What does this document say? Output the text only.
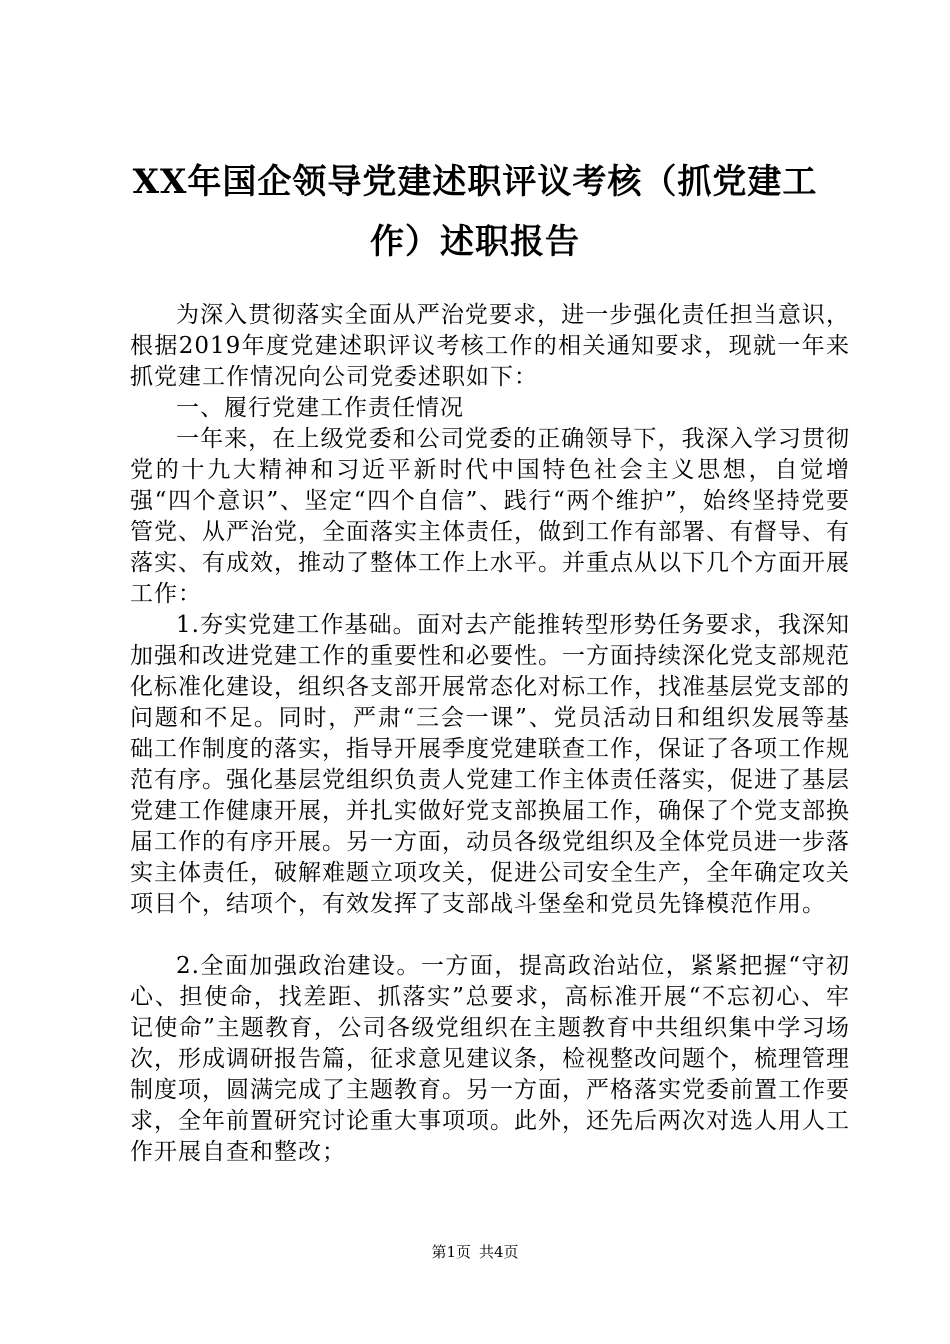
XX年国企领导党建述职评议考核（抓党建工
作）述职报告

为深入贯彻落实全面从严治党要求，进一步强化责任担当意识，根据2019年度党建述职评议考核工作的相关通知要求，现就一年来抓党建工作情况向公司党委述职如下：

一、履行党建工作责任情况

一年来，在上级党委和公司党委的正确领导下，我深入学习贯彻党的十九大精神和习近平新时代中国特色社会主义思想，自觉增强“四个意识”、坚定“四个自信”、践行“两个维护”，始终坚持党要管党、从严治党，全面落实主体责任，做到工作有部署、有督导、有落实、有成效，推动了整体工作上水平。并重点从以下几个方面开展工作：

1.夯实党建工作基础。面对去产能推转型形势任务要求，我深知加强和改进党建工作的重要性和必要性。一方面持续深化党支部规范化标准化建设，组织各支部开展常态化对标工作，找准基层党支部的问题和不足。同时，严肃“三会一课”、党员活动日和组织发展等基础工作制度的落实，指导开展季度党建联查工作，保证了各项工作规范有序。强化基层党组织负责人党建工作主体责任落实，促进了基层党建工作健康开展，并扎实做好党支部换届工作，确保了个党支部换届工作的有序开展。另一方面，动员各级党组织及全体党员进一步落实主体责任，破解难题立项攻关，促进公司安全生产，全年确定攻关项目个，结项个，有效发挥了支部战斗堡垒和党员先锋模范作用。

2.全面加强政治建设。一方面，提高政治站位，紧紧把握“守初心、担使命，找差距、抓落实”总要求，高标准开展“不忘初心、牢记使命”主题教育，公司各级党组织在主题教育中共组织集中学习场次，形成调研报告篇，征求意见建议条，检视整改问题个，梳理管理制度项，圆满完成了主题教育。另一方面，严格落实党委前置工作要求，全年前置研究讨论重大事项项。此外，还先后两次对选人用人工作开展自查和整改；

第1页 共4页
